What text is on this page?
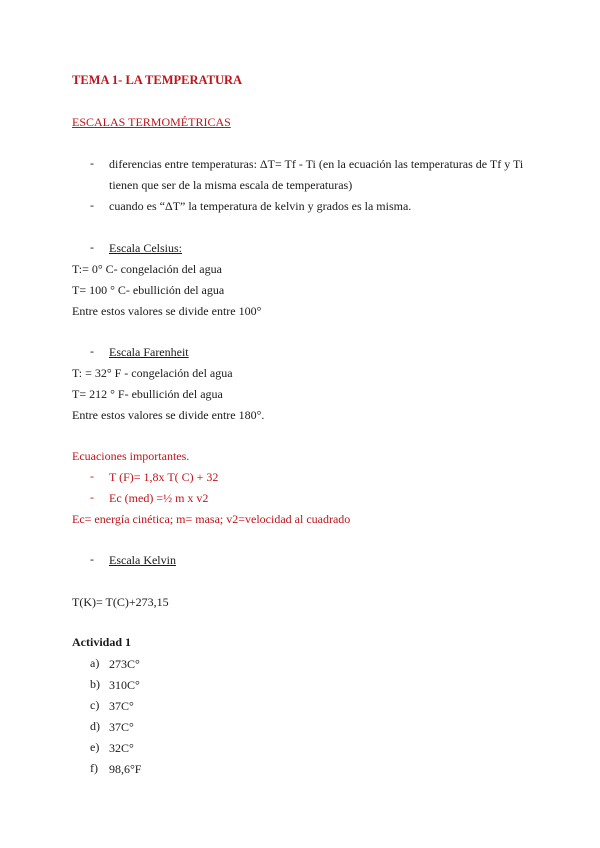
TEMA 1- LA TEMPERATURA
ESCALAS TERMOMÉTRICAS
- diferencias entre temperaturas: ΔT= Tf - Ti (en la ecuación las temperaturas de Tf y Ti
tienen que ser de la misma escala de temperaturas)
- cuando es “ΔT” la temperatura de kelvin y grados es la misma.
- Escala Celsius:
T:= 0° C- congelación del agua
T= 100 ° C- ebullición del agua
Entre estos valores se divide entre 100°
- Escala Farenheit
T: = 32° F - congelación del agua
T= 212 ° F- ebullición del agua
Entre estos valores se divide entre 180°.
Ecuaciones importantes.
- T (F)= 1,8x T( C) + 32
- Ec (med) =½ m x v2
Ec= energía cinética; m= masa; v2=velocidad al cuadrado
- Escala Kelvin
T(K)= T(C)+273,15
Actividad 1
a) 273C°
b) 310C°
c) 37C°
d) 37C°
e) 32C°
f) 98,6°F
